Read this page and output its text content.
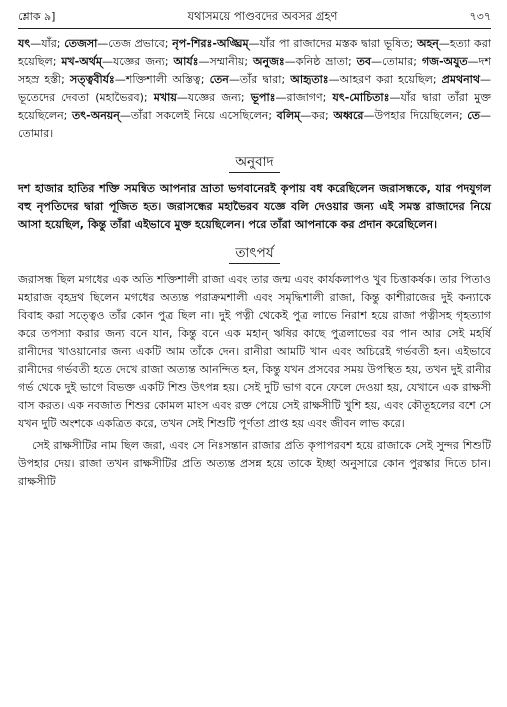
শ্লোক ৯]	যথাসময়ে পাণ্ডবদের অবসর গ্রহণ	৭৩৭

যৎ—যাঁর; তেজসা—তেজ প্রভাবে; নৃপ-শিরঃ-অঙ্ঘ্রিম্—যাঁর পা রাজাদের মস্তক দ্বারা ভূষিত; অহন্—হত্যা করা হয়েছিল; মখ-অর্থম্—যজ্ঞের জন্য; আর্যঃ—সম্মানীয়; অনুজঃ—কনিষ্ঠ ভ্রাতা; তব—তোমার; গজ-অযুত—দশ সহস্র হস্তী; সত্ত্ববীর্যঃ—শক্তিশালী অস্তিত্ব; তেন—তাঁর দ্বারা; আহৃতাঃ—আহরণ করা হয়েছিল; প্রমথনাথ—ভূতেদের দেবতা (মহাভৈরব); মখায়—যজ্ঞের জন্য; ভূপাঃ—রাজাগণ; যৎ-মোচিতাঃ—যাঁর দ্বারা তাঁরা মুক্ত হয়েছিলেন; তৎ-অনয়ন্—তাঁরা সকলেই নিয়ে এসেছিলেন; বলিম্—কর; অধ্বরে—উপহার দিয়েছিলেন; তে—তোমার।

অনুবাদ

দশ হাজার হাতির শক্তি সমন্বিত আপনার ভ্রাতা ভগবানেরই কৃপায় বধ করেছিলেন জরাসন্ধকে, যার পদযুগল বহু নৃপতিদের দ্বারা পূজিত হত। জরাসন্ধের মহাভৈরব যজ্ঞে বলি দেওয়ার জন্য এই সমস্ত রাজাদের নিয়ে আসা হয়েছিল, কিন্তু তাঁরা এইভাবে মুক্ত হয়েছিলেন। পরে তাঁরা আপনাকে কর প্রদান করেছিলেন।

তাৎপর্য

জরাসন্ধ ছিল মগধের এক অতি শক্তিশালী রাজা এবং তার জন্ম এবং কার্যকলাপও খুব চিত্তাকর্ষক। তার পিতাও মহারাজ বৃহদ্রথ ছিলেন মগধের অত্যন্ত পরাক্রমশালী এবং সমৃদ্ধিশালী রাজা, কিন্তু কাশীরাজের দুই কন্যাকে বিবাহ করা সত্ত্বেও তাঁর কোন পুত্র ছিল না। দুই পত্নী থেকেই পুত্র লাভে নিরাশ হয়ে রাজা পত্নীসহ গৃহত্যাগ করে তপস্যা করার জন্য বনে যান, কিন্তু বনে এক মহান্ ঋষির কাছে পুত্রলাভের বর পান আর সেই মহর্ষি রানীদের খাওয়ানোর জন্য একটি আম তাঁকে দেন। রানীরা আমটি খান এবং অচিরেই গর্ভবতী হন। এইভাবে রানীদের গর্ভবতী হতে দেখে রাজা অত্যন্ত আনন্দিত হন, কিন্তু যখন প্রসবের সময় উপস্থিত হয়, তখন দুই রানীর গর্ভ থেকে দুই ভাগে বিভক্ত একটি শিশু উৎপন্ন হয়। সেই দুটি ভাগ বনে ফেলে দেওয়া হয়, যেখানে এক রাক্ষসী বাস করত। এক নবজাত শিশুর কোমল মাংস এবং রক্ত পেয়ে সেই রাক্ষসীটি খুশি হয়, এবং কৌতূহলের বশে সে যখন দুটি অংশকে একত্রিত করে, তখন সেই শিশুটি পূর্ণতা প্রাপ্ত হয় এবং জীবন লাভ করে।

সেই রাক্ষসীটির নাম ছিল জরা, এবং সে নিঃসন্তান রাজার প্রতি কৃপাপরবশ হয়ে রাজাকে সেই সুন্দর শিশুটি উপহার দেয়। রাজা তখন রাক্ষসীটির প্রতি অত্যন্ত প্রসন্ন হয়ে তাকে ইচ্ছা অনুসারে কোন পুরস্কার দিতে চান। রাক্ষসীটি
